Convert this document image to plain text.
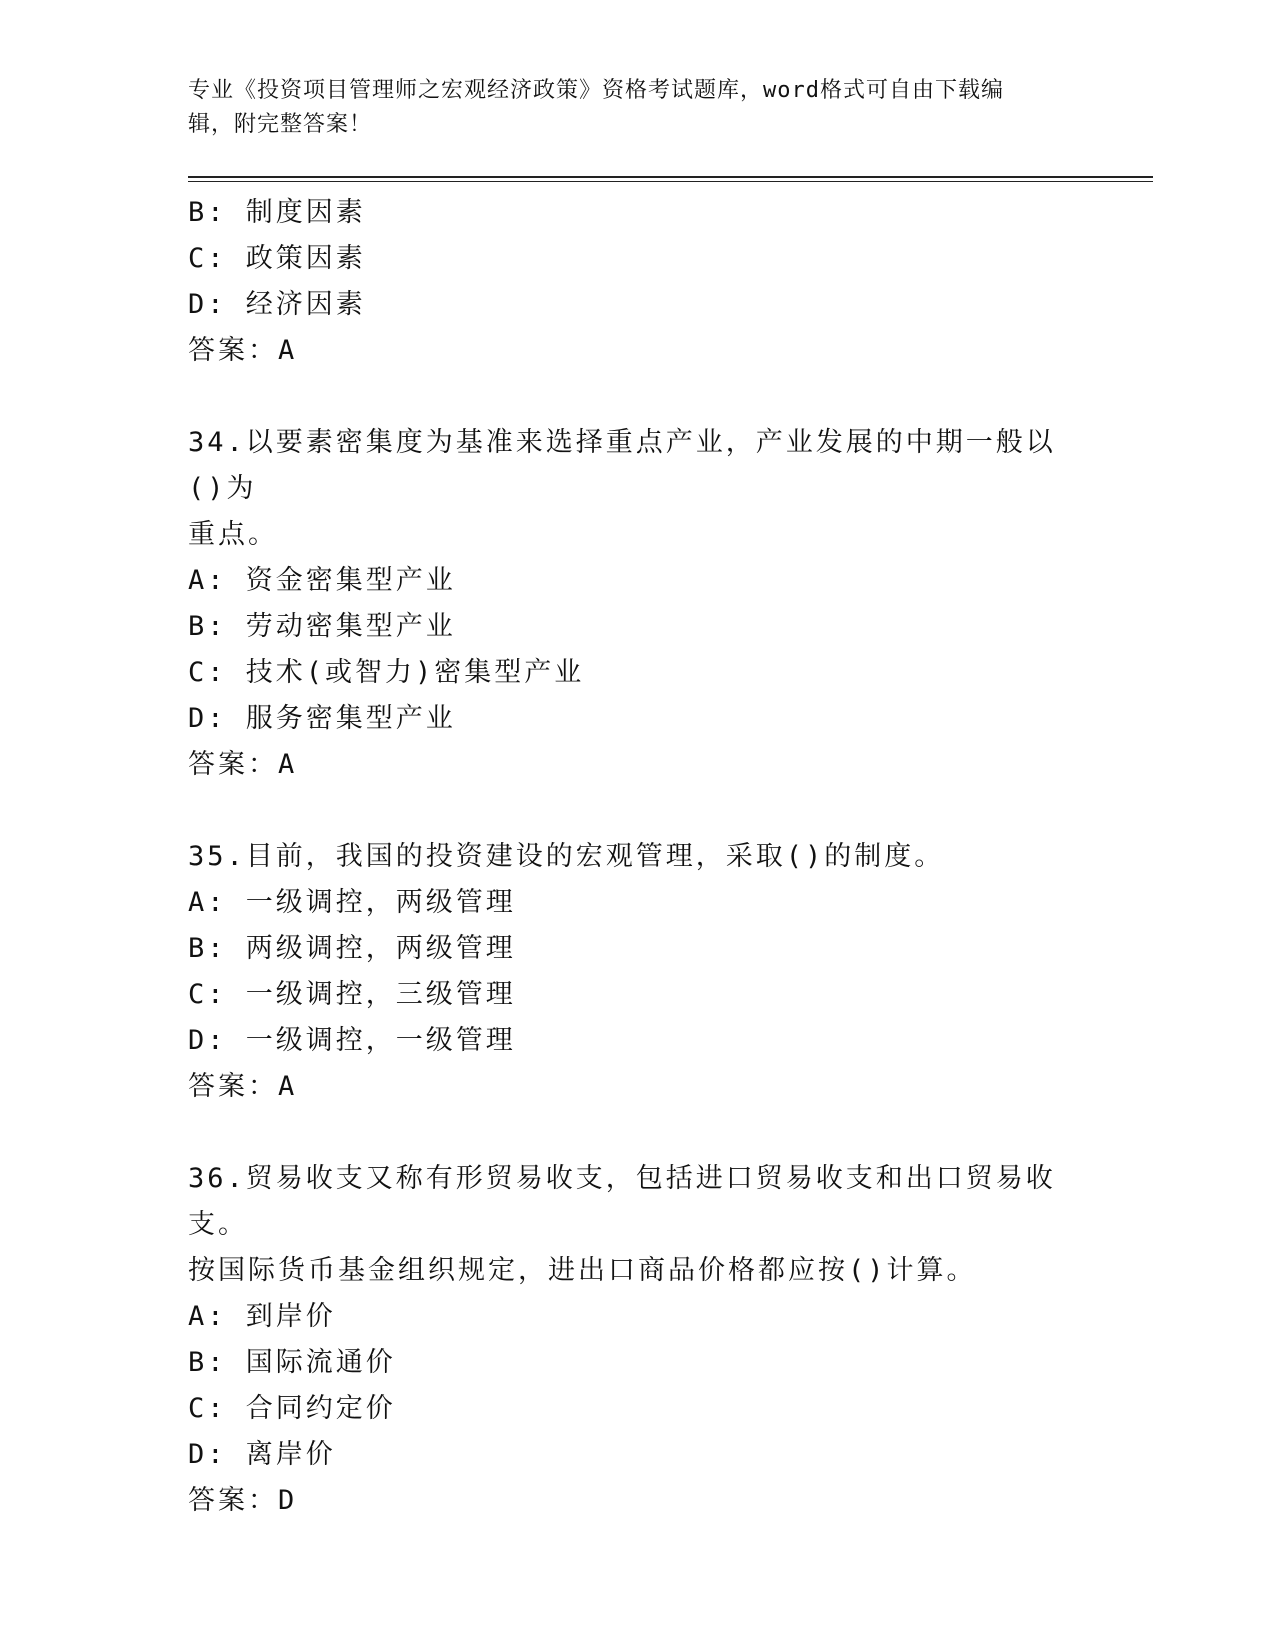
专业《投资项目管理师之宏观经济政策》资格考试题库，word格式可自由下载编
辑，附完整答案！
B: 制度因素
C: 政策因素
D: 经济因素
答案：A
34.以要素密集度为基准来选择重点产业，产业发展的中期一般以()为
重点。
A: 资金密集型产业
B: 劳动密集型产业
C: 技术(或智力)密集型产业
D: 服务密集型产业
答案：A
35.目前，我国的投资建设的宏观管理，采取()的制度。
A: 一级调控，两级管理
B: 两级调控，两级管理
C: 一级调控，三级管理
D: 一级调控，一级管理
答案：A
36.贸易收支又称有形贸易收支，包括进口贸易收支和出口贸易收支。
按国际货币基金组织规定，进出口商品价格都应按()计算。
A: 到岸价
B: 国际流通价
C: 合同约定价
D: 离岸价
答案：D
